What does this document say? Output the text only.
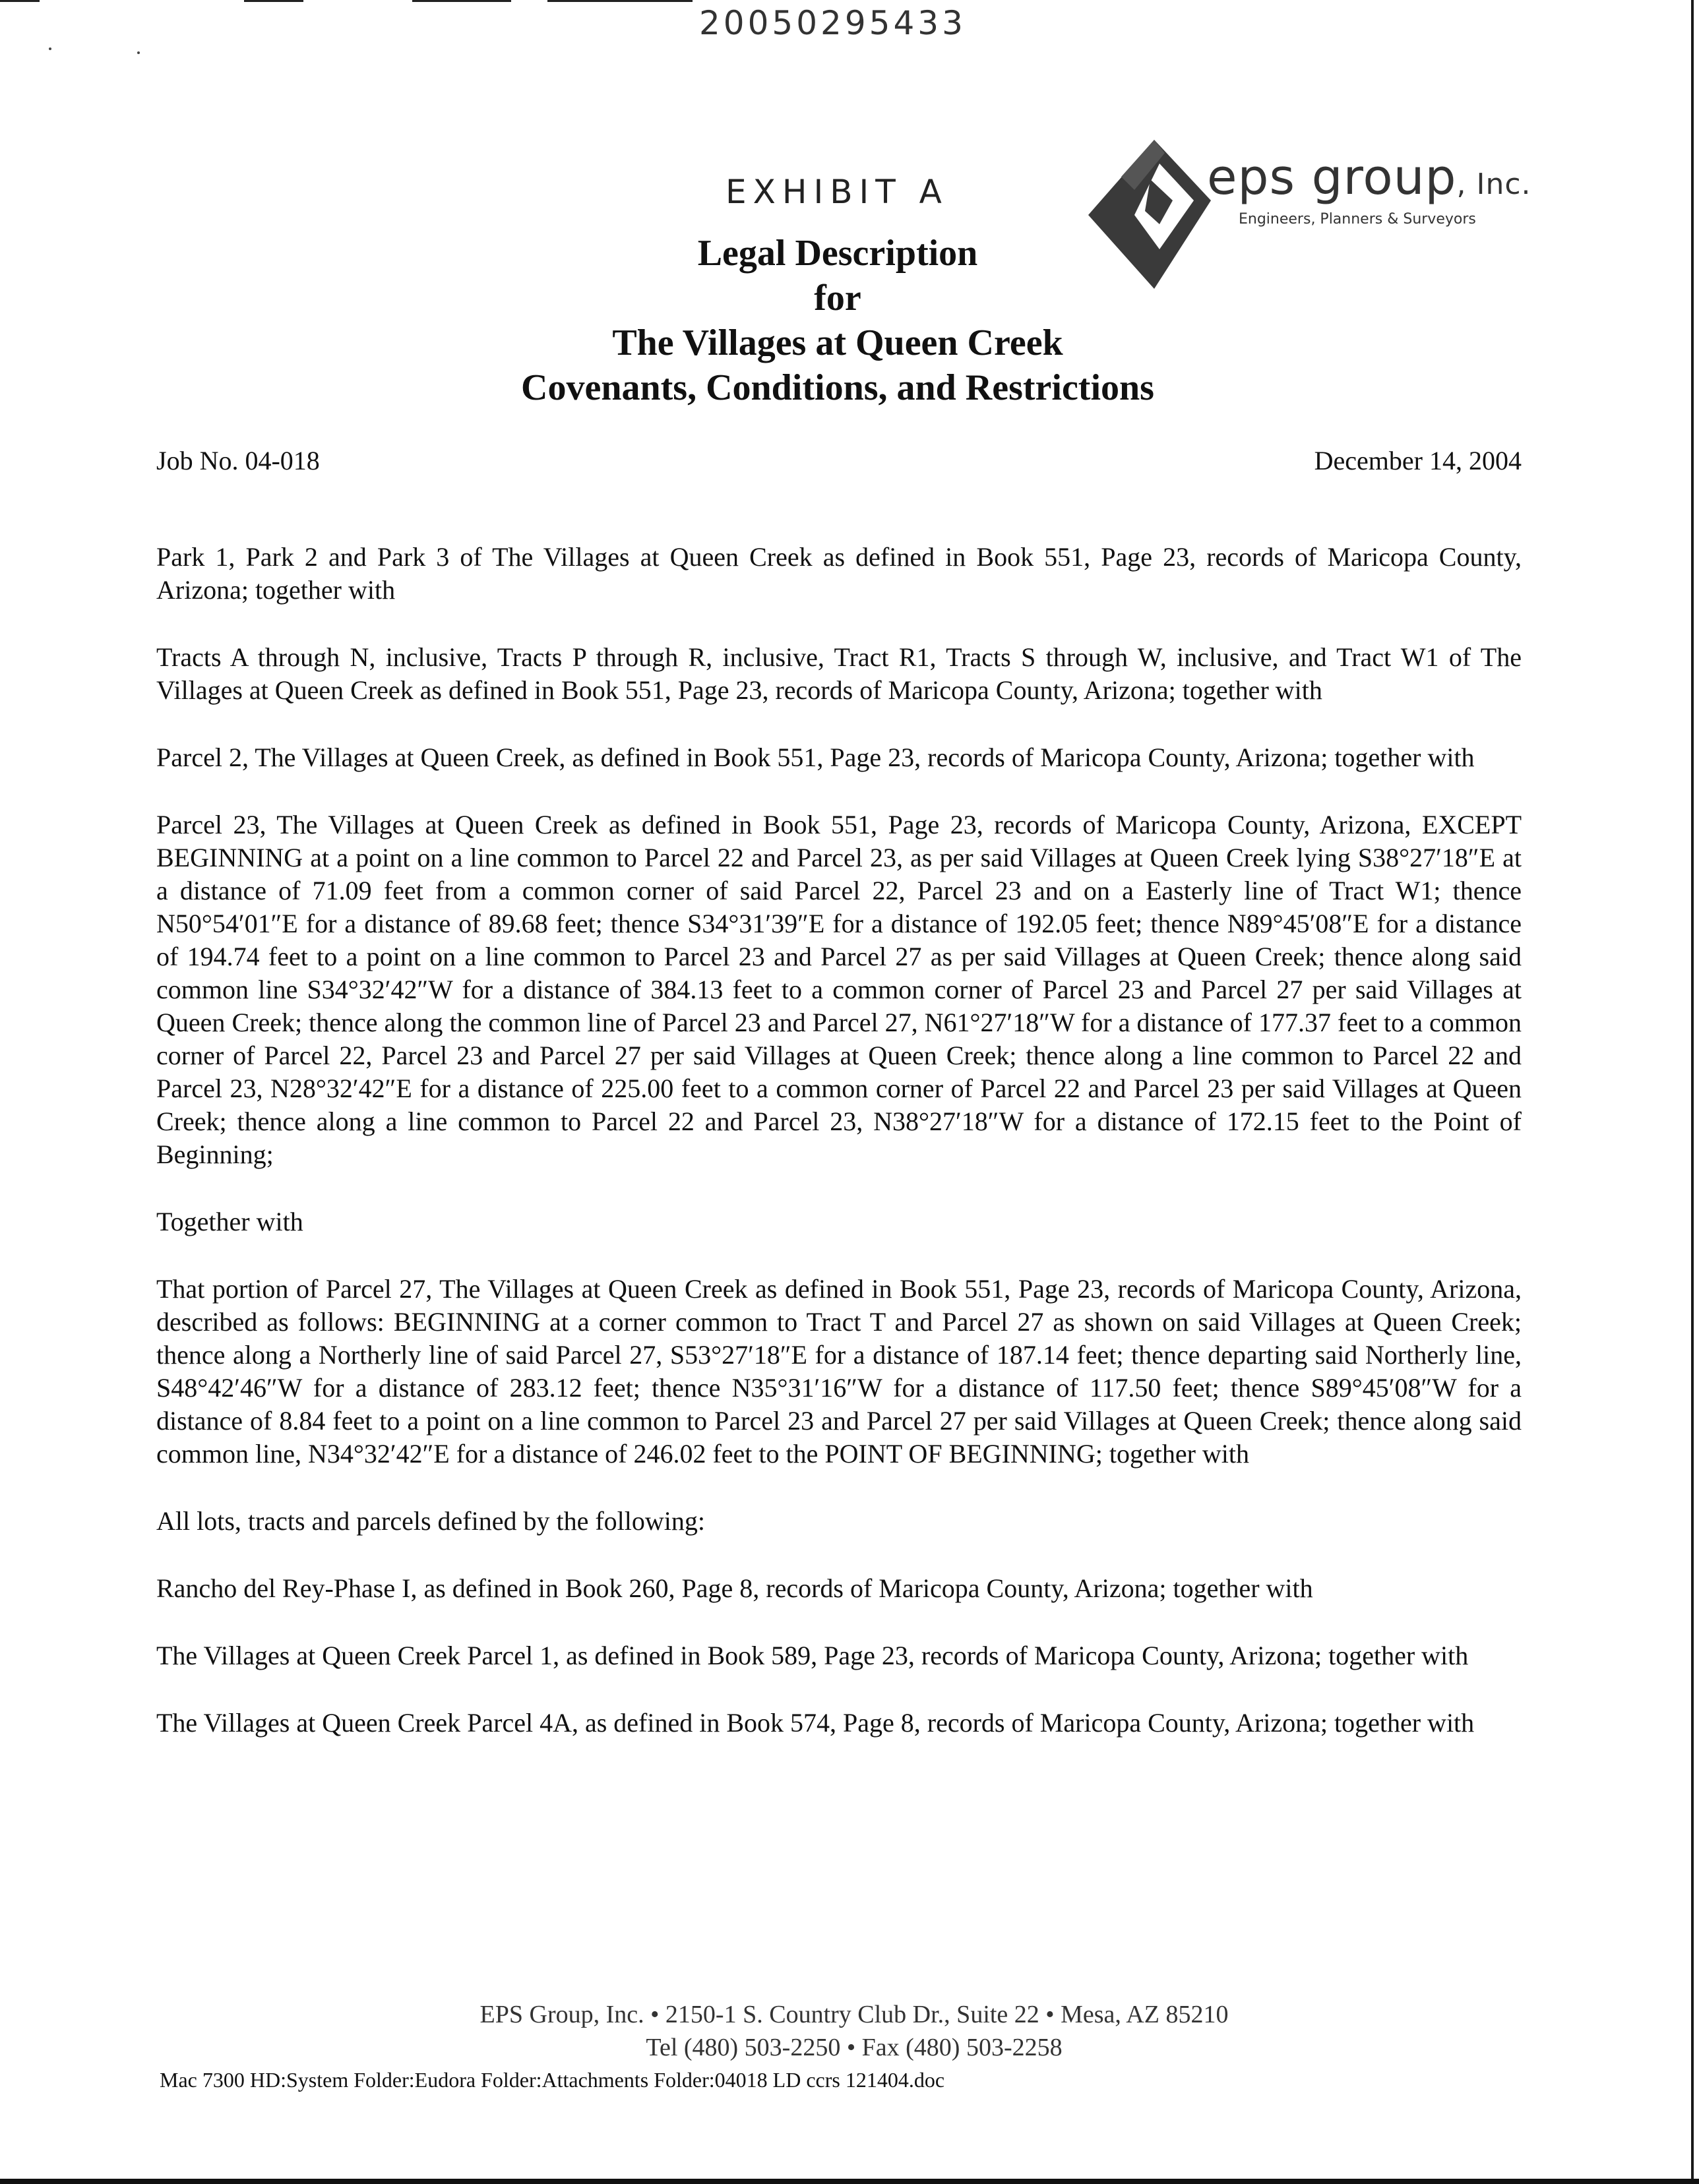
20050295433
EXHIBIT A	eps group, Inc.
Engineers, Planners & Surveyors
Legal Description
for
The Villages at Queen Creek
Covenants, Conditions, and Restrictions
Job No. 04-018	December 14, 2004

Park 1, Park 2 and Park 3 of The Villages at Queen Creek as defined in Book 551, Page 23, records of Maricopa County, Arizona; together with

Tracts A through N, inclusive, Tracts P through R, inclusive, Tract R1, Tracts S through W, inclusive, and Tract W1 of The Villages at Queen Creek as defined in Book 551, Page 23, records of Maricopa County, Arizona; together with

Parcel 2, The Villages at Queen Creek, as defined in Book 551, Page 23, records of Maricopa County, Arizona; together with

Parcel 23, The Villages at Queen Creek as defined in Book 551, Page 23, records of Maricopa County, Arizona, EXCEPT BEGINNING at a point on a line common to Parcel 22 and Parcel 23, as per said Villages at Queen Creek lying S38°27′18″E at a distance of 71.09 feet from a common corner of said Parcel 22, Parcel 23 and on a Easterly line of Tract W1; thence N50°54′01″E for a distance of 89.68 feet; thence S34°31′39″E for a distance of 192.05 feet; thence N89°45′08″E for a distance of 194.74 feet to a point on a line common to Parcel 23 and Parcel 27 as per said Villages at Queen Creek; thence along said common line S34°32′42″W for a distance of 384.13 feet to a common corner of Parcel 23 and Parcel 27 per said Villages at Queen Creek; thence along the common line of Parcel 23 and Parcel 27, N61°27′18″W for a distance of 177.37 feet to a common corner of Parcel 22, Parcel 23 and Parcel 27 per said Villages at Queen Creek; thence along a line common to Parcel 22 and Parcel 23, N28°32′42″E for a distance of 225.00 feet to a common corner of Parcel 22 and Parcel 23 per said Villages at Queen Creek; thence along a line common to Parcel 22 and Parcel 23, N38°27′18″W for a distance of 172.15 feet to the Point of Beginning;

Together with

That portion of Parcel 27, The Villages at Queen Creek as defined in Book 551, Page 23, records of Maricopa County, Arizona, described as follows: BEGINNING at a corner common to Tract T and Parcel 27 as shown on said Villages at Queen Creek; thence along a Northerly line of said Parcel 27, S53°27′18″E for a distance of 187.14 feet; thence departing said Northerly line, S48°42′46″W for a distance of 283.12 feet; thence N35°31′16″W for a distance of 117.50 feet; thence S89°45′08″W for a distance of 8.84 feet to a point on a line common to Parcel 23 and Parcel 27 per said Villages at Queen Creek; thence along said common line, N34°32′42″E for a distance of 246.02 feet to the POINT OF BEGINNING; together with

All lots, tracts and parcels defined by the following:

Rancho del Rey-Phase I, as defined in Book 260, Page 8, records of Maricopa County, Arizona; together with

The Villages at Queen Creek Parcel 1, as defined in Book 589, Page 23, records of Maricopa County, Arizona; together with

The Villages at Queen Creek Parcel 4A, as defined in Book 574, Page 8, records of Maricopa County, Arizona; together with

EPS Group, Inc. • 2150-1 S. Country Club Dr., Suite 22 • Mesa, AZ 85210
Tel (480) 503-2250 • Fax (480) 503-2258
Mac 7300 HD:System Folder:Eudora Folder:Attachments Folder:04018 LD ccrs 121404.doc
